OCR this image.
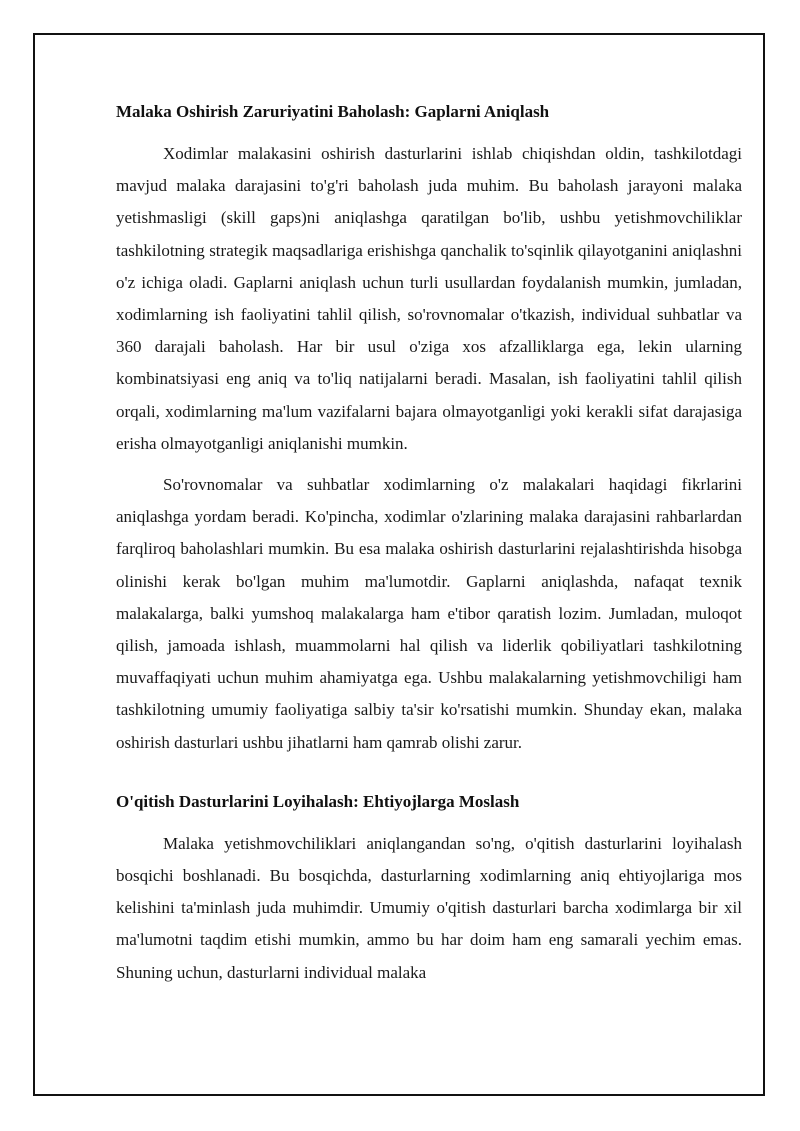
Malaka Oshirish Zaruriyatini Baholash: Gaplarni Aniqlash

Xodimlar malakasini oshirish dasturlarini ishlab chiqishdan oldin, tashkilotdagi mavjud malaka darajasini to'g'ri baholash juda muhim. Bu baholash jarayoni malaka yetishmasligi (skill gaps)ni aniqlashga qaratilgan bo'lib, ushbu yetishmovchiliklar tashkilotning strategik maqsadlariga erishishga qanchalik to'sqinlik qilayotganini aniqlashni o'z ichiga oladi. Gaplarni aniqlash uchun turli usullardan foydalanish mumkin, jumladan, xodimlarning ish faoliyatini tahlil qilish, so'rovnomalar o'tkazish, individual suhbatlar va 360 darajali baholash. Har bir usul o'ziga xos afzalliklarga ega, lekin ularning kombinatsiyasi eng aniq va to'liq natijalarni beradi. Masalan, ish faoliyatini tahlil qilish orqali, xodimlarning ma'lum vazifalarni bajara olmayotganligi yoki kerakli sifat darajasiga erisha olmayotganligi aniqlanishi mumkin.

So'rovnomalar va suhbatlar xodimlarning o'z malakalari haqidagi fikrlarini aniqlashga yordam beradi. Ko'pincha, xodimlar o'zlarining malaka darajasini rahbarlardan farqliroq baholashlari mumkin. Bu esa malaka oshirish dasturlarini rejalashtirishda hisobga olinishi kerak bo'lgan muhim ma'lumotdir. Gaplarni aniqlashda, nafaqat texnik malakalarga, balki yumshoq malakalarga ham e'tibor qaratish lozim. Jumladan, muloqot qilish, jamoada ishlash, muammolarni hal qilish va liderlik qobiliyatlari tashkilotning muvaffaqiyati uchun muhim ahamiyatga ega. Ushbu malakalarning yetishmovchiligi ham tashkilotning umumiy faoliyatiga salbiy ta'sir ko'rsatishi mumkin. Shunday ekan, malaka oshirish dasturlari ushbu jihatlarni ham qamrab olishi zarur.

O'qitish Dasturlarini Loyihalash: Ehtiyojlarga Moslash

Malaka yetishmovchiliklari aniqlangandan so'ng, o'qitish dasturlarini loyihalash bosqichi boshlanadi. Bu bosqichda, dasturlarning xodimlarning aniq ehtiyojlariga mos kelishini ta'minlash juda muhimdir. Umumiy o'qitish dasturlari barcha xodimlarga bir xil ma'lumotni taqdim etishi mumkin, ammo bu har doim ham eng samarali yechim emas. Shuning uchun, dasturlarni individual malaka
